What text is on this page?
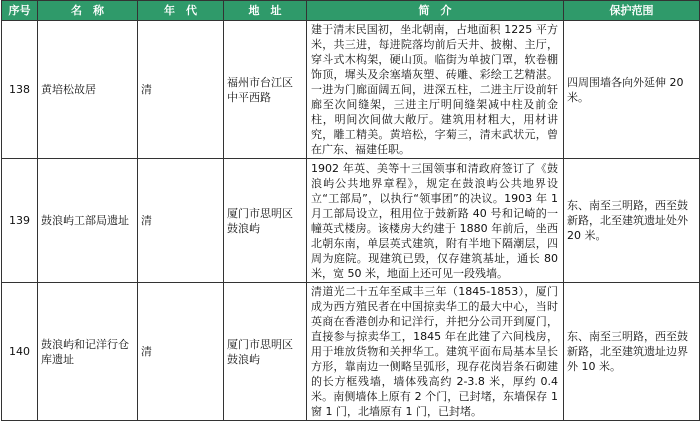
序号	名　称	年　代	地　址	简　介	保护范围
138	黄培松故居	清	福州市台江区中平西路	建于清末民国初，坐北朝南，占地面积 1225 平方米，共三进，每进院落均前后天井、披榭、主厅，穿斗式木构架，硬山顶。临街为单披门罩，软卷棚饰顶，墀头及余塞墙灰塑、砖雕、彩绘工艺精湛。一进为门廊面阔五间，进深五柱，二进主厅设前轩廊至次间缝架，三进主厅明间缝架减中柱及前金柱，明间次间做大敞厅。建筑用材粗大，用材讲究，雕工精美。黄培松，字菊三，清末武状元，曾在广东、福建任职。	四周围墙各向外延伸 20 米。
139	鼓浪屿工部局遗址	清	厦门市思明区鼓浪屿	1902 年英、美等十三国领事和清政府签订了《鼓浪屿公共地界章程》，规定在鼓浪屿公共地界设立“工部局”，以执行“领事团”的决议。1903 年 1 月工部局设立，租用位于鼓新路 40 号和记崎的一幢英式楼房。该楼房大约建于 1880 年前后，坐西北朝东南，单层英式建筑，附有半地下隔潮层，四周为庭院。现建筑已毁，仅存建筑基址，通长 80 米，宽 50 米，地面上还可见一段残墙。	东、南至三明路，西至鼓新路，北至建筑遗址处外 20 米。
140	鼓浪屿和记洋行仓库遗址	清	厦门市思明区鼓浪屿	清道光二十五年至咸丰三年（1845-1853），厦门成为西方殖民者在中国掠卖华工的最大中心，当时英商在香港创办和记洋行，并把分公司开到厦门，直接参与掠卖华工，1845 年在此建了六间栈房，用于堆放货物和关押华工。建筑平面布局基本呈长方形，靠南边一侧略呈弧形，现存花岗岩条石砌建的长方框残墙，墙体残高约 2-3.8 米，厚约 0.4 米。南侧墙体上原有 2 个门，已封堵，东墙保存 1 窗 1 门，北墙原有 1 门，已封堵。	东、南至三明路，西至鼓新路，北至建筑遗址边界外 10 米。
